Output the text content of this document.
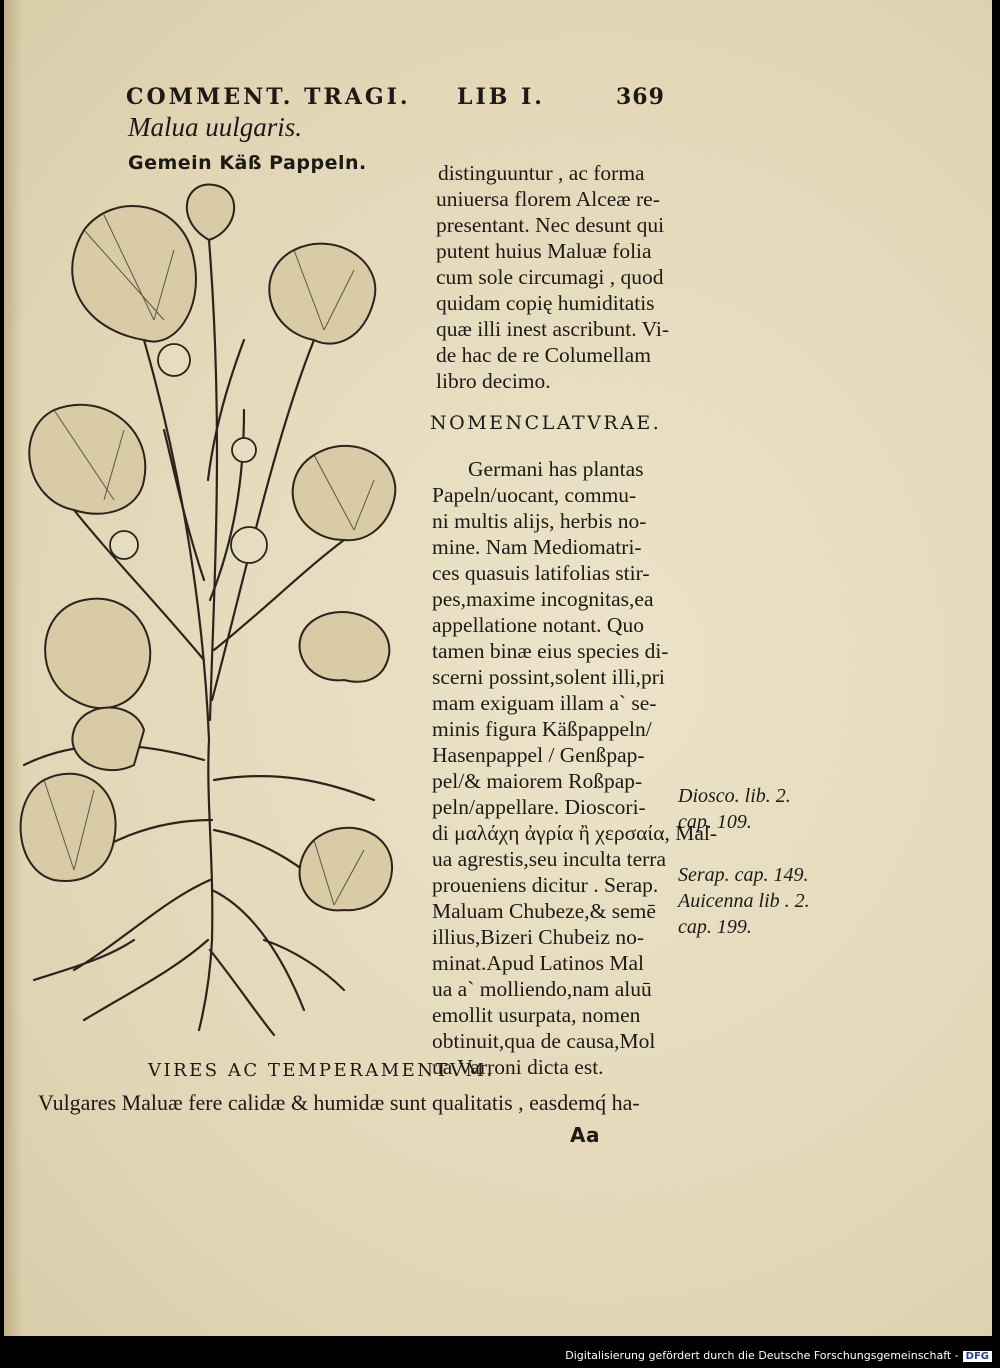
COMMENT. TRAGI. LIB I.	369
Malua uulgaris.
Gemein Käß Pappeln.	distinguuntur , ac forma
uniuersa florem Alceæ re-
presentant. Nec desunt qui
putent huius Maluæ folia
cum sole circumagi , quod
quidam copię humiditatis
quæ illi inest ascribunt. Vi-
de hac de re Columellam
libro decimo.
NOMENCLATVRAE.
Germani has plantas
Papeln/uocant, commu-
ni multis alijs, herbis no-
mine. Nam Mediomatri-
ces quasuis latifolias stir-
pes,maxime incognitas,ea
appellatione notant. Quo
tamen binæ eius species di-
scerni possint,solent illi,pri
mam exiguam illam a` se-
minis figura Käßpappeln/
Hasenpappel / Genßpap-
pel/& maiorem Roßpap-
peln/appellare. Dioscori-
di μαλάχη ἀγρία ἢ χερσαία, Mal-
ua agrestis,seu inculta terra
proueniens dicitur . Serap.
Maluam Chubeze,& semē
illius,Bizeri Chubeiz no-
minat.Apud Latinos Mal
ua a` molliendo,nam aluū
emollit usurpata, nomen
obtinuit,qua de causa,Mol
ua Varroni dicta est.
Diosco. lib. 2.
cap. 109.
Serap. cap. 149.
Auicenna lib . 2.
cap. 199.
VIRES AC TEMPERAMENTVM.
Vulgares Maluæ fere calidæ & humidæ sunt qualitatis , easdemq́ ha-
Aa
Digitalisierung gefördert durch die Deutsche Forschungsgemeinschaft - DFG
